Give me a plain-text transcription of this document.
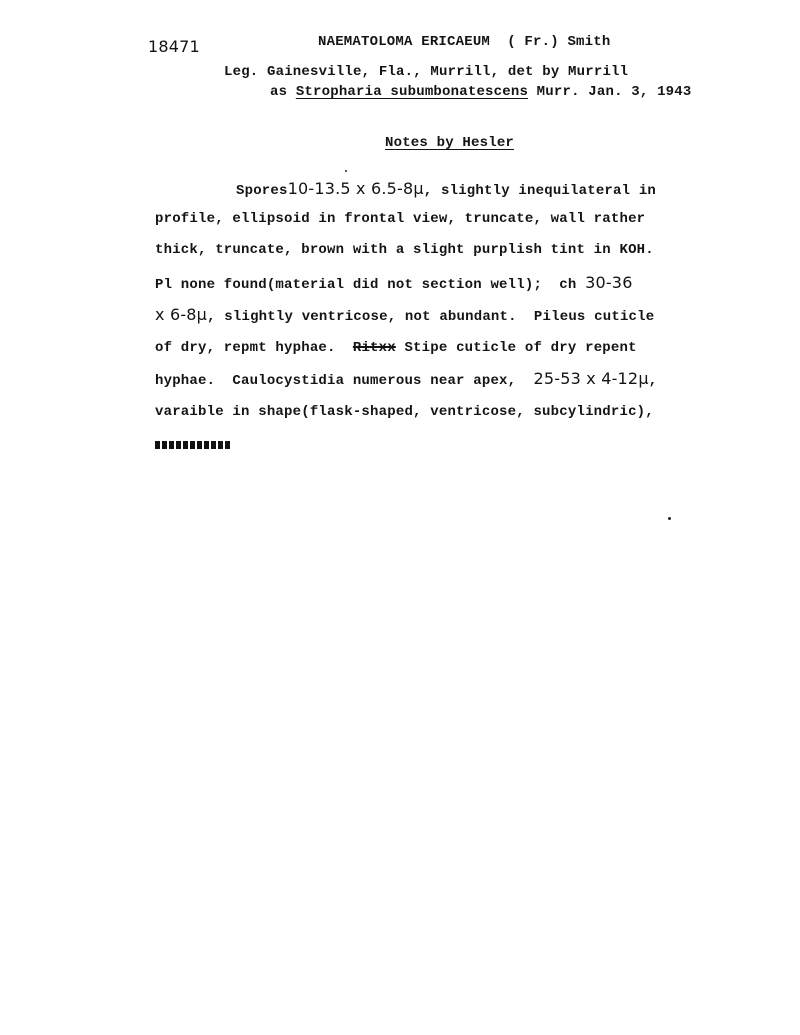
18471	NAEMATOLOMA ERICAEUM  ( Fr.) Smith
Leg. Gainesville, Fla., Murrill, det by Murrill
as Stropharia subumbonatescens Murr. Jan. 3, 1943
Notes by Hesler
Spores10-13.5 x 6.5-8µ, slightly inequilateral in
profile, ellipsoid in frontal view, truncate, wall rather
thick, truncate, brown with a slight purplish tint in KOH.
Pl none found(material did not section well);  ch 30-36
x 6-8µ, slightly ventricose, not abundant.  Pileus cuticle
of dry, repmt hyphae.  Ritxx Stipe cuticle of dry repent
hyphae.  Caulocystidia numerous near apex,  25-53 x 4-12µ,
varaible in shape(flask-shaped, ventricose, subcylindric),
